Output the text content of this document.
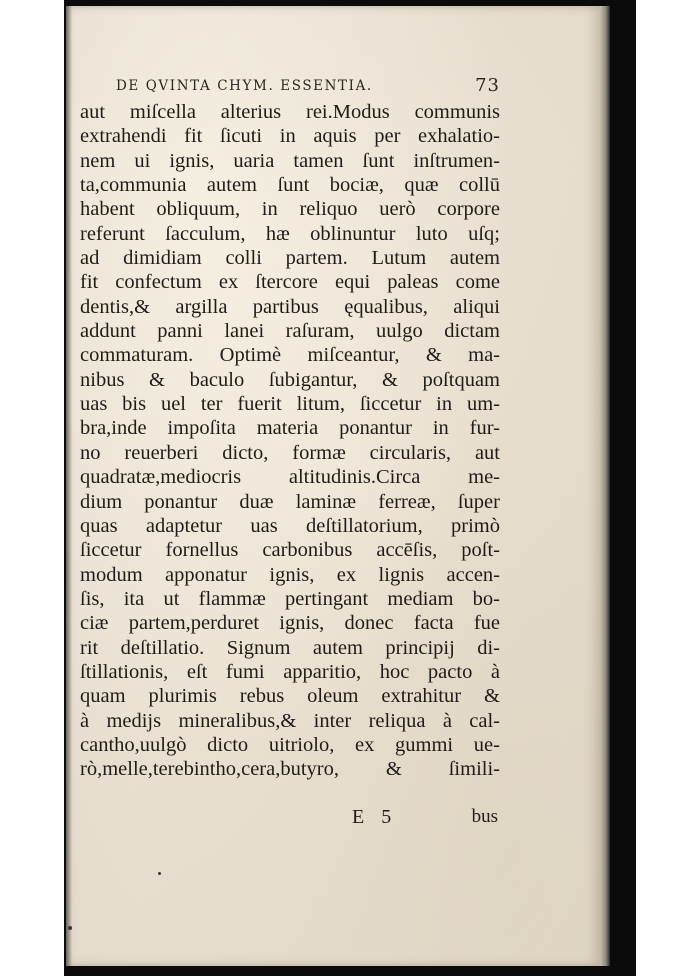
DE QVINTA CHYM. ESSENTIA.	73
aut miſcella alterius rei.Modus communis
extrahendi fit ſicuti in aquis per exhalatio-
nem ui ignis, uaria tamen ſunt inſtrumen-
ta,communia autem ſunt bociæ, quæ collū
habent obliquum, in reliquo uerò corpore
referunt ſacculum, hæ oblinuntur luto uſq;
ad dimidiam colli partem. Lutum autem
fit confectum ex ſtercore equi paleas come
dentis,& argilla partibus ęqualibus, aliqui
addunt panni lanei raſuram, uulgo dictam
commaturam. Optimè miſceantur, & ma-
nibus & baculo ſubigantur, & poſtquam
uas bis uel ter fuerit litum, ſiccetur in um-
bra,inde impoſita materia ponantur in fur-
no reuerberi dicto, formæ circularis, aut
quadratæ,mediocris altitudinis.Circa me-
dium ponantur duæ laminæ ferreæ, ſuper
quas adaptetur uas deſtillatorium, primò
ſiccetur fornellus carbonibus accēſis, poſt-
modum apponatur ignis, ex lignis accen-
ſis, ita ut flammæ pertingant mediam bo-
ciæ partem,perduret ignis, donec facta fue
rit deſtillatio. Signum autem principij di-
ſtillationis, eſt fumi apparitio, hoc pacto à
quam plurimis rebus oleum extrahitur &
à medijs mineralibus,& inter reliqua à cal-
cantho,uulgò dicto uitriolo, ex gummi ue-
rò,melle,terebintho,cera,butyro, & ſimili-
E 5	bus
